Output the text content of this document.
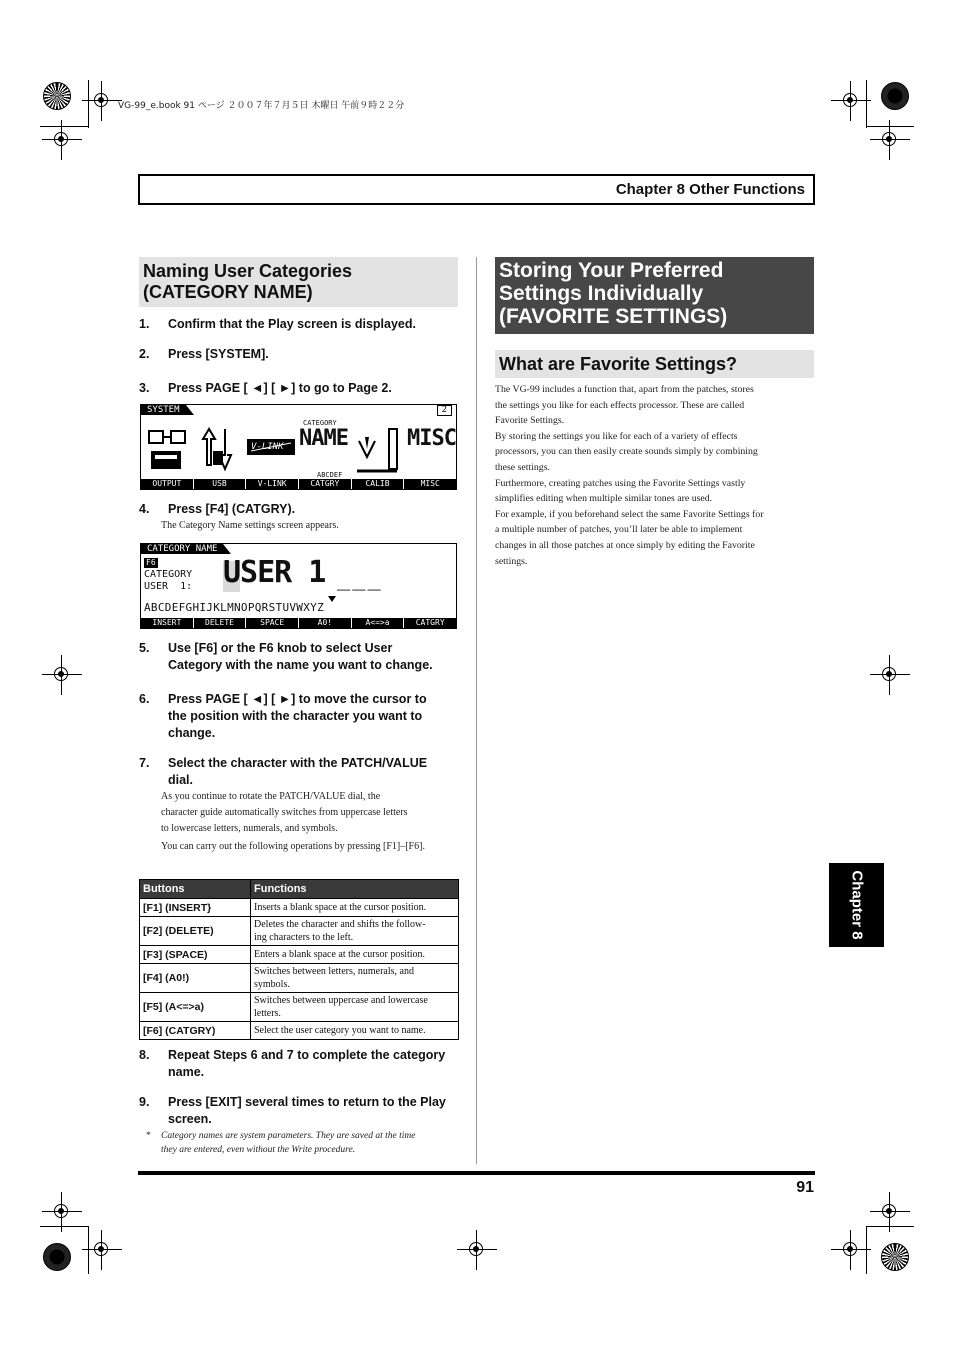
VG-99_e.book 91 ページ ２００７年７月５日 木曜日 午前９時２２分
Chapter 8 Other Functions
Naming User Categories
(CATEGORY NAME)
1.	Confirm that the Play screen is displayed.
2.	Press [SYSTEM].
3.	Press PAGE [ ◄] [ ►] to go to Page 2.
SYSTEM	2
V-LINK
CATEGORY
NAME
ABCDEF
MISC
OUTPUT	USB	V-LINK	CATGRY	CALIB	MISC
4.	Press [F4] (CATGRY).
The Category Name settings screen appears.
CATEGORY NAME
F6
CATEGORY
USER  1: USER 1 ___
ABCDEFGHIJKLMNOPQRSTUVWXYZ
INSERT	DELETE	SPACE	A0!	A<=>a	CATGRY
5.	Use [F6] or the F6 knob to select User
Category with the name you want to change.
6.	Press PAGE [ ◄] [ ►] to move the cursor to
the position with the character you want to
change.
7.	Select the character with the PATCH/VALUE
dial.
As you continue to rotate the PATCH/VALUE dial, the
character guide automatically switches from uppercase letters
to lowercase letters, numerals, and symbols.
You can carry out the following operations by pressing [F1]–[F6].
Buttons	Functions
[F1] (INSERT}	Inserts a blank space at the cursor position.

[F2] (DELETE)	Deletes the character and shifts the follow-
ing characters to the left.

[F3] (SPACE)	Enters a blank space at the cursor position.

[F4] (A0!)	Switches between letters, numerals, and
symbols.

[F5] (A<=>a)	Switches between uppercase and lowercase
letters.

[F6] (CATGRY)	Select the user category you want to name.
8.	Repeat Steps 6 and 7 to complete the category
name.
9.	Press [EXIT] several times to return to the Play
screen.
* Category names are system parameters. They are saved at the time
they are entered, even without the Write procedure.
Storing Your Preferred
Settings Individually
(FAVORITE SETTINGS)
What are Favorite Settings?
The VG-99 includes a function that, apart from the patches, stores
the settings you like for each effects processor. These are called
Favorite Settings.
By storing the settings you like for each of a variety of effects
processors, you can then easily create sounds simply by combining
these settings.
Furthermore, creating patches using the Favorite Settings vastly
simplifies editing when multiple similar tones are used.
For example, if you beforehand select the same Favorite Settings for
a multiple number of patches, you’ll later be able to implement
changes in all those patches at once simply by editing the Favorite
settings.
Chapter 8
91
